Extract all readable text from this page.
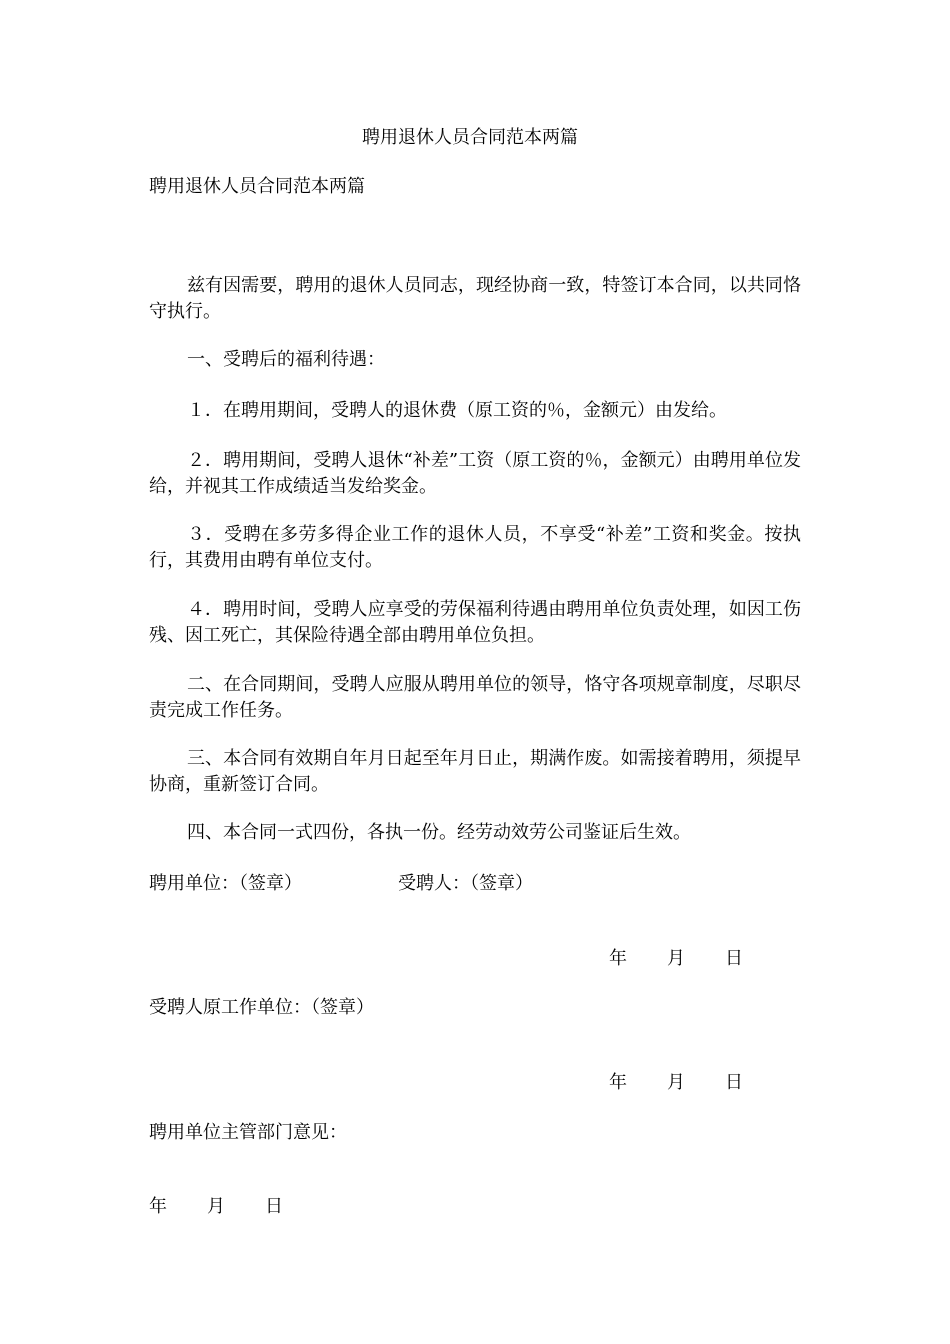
聘用退休人员合同范本两篇
聘用退休人员合同范本两篇
兹有因需要，聘用的退休人员同志，现经协商一致，特签订本合同，以共同恪守执行。
一、受聘后的福利待遇：
１．在聘用期间，受聘人的退休费（原工资的％，金额元）由发给。
２．聘用期间，受聘人退休“补差”工资（原工资的％，金额元）由聘用单位发给，并视其工作成绩适当发给奖金。
３．受聘在多劳多得企业工作的退休人员，不享受“补差”工资和奖金。按执行，其费用由聘有单位支付。
４．聘用时间，受聘人应享受的劳保福利待遇由聘用单位负责处理，如因工伤残、因工死亡，其保险待遇全部由聘用单位负担。
二、在合同期间，受聘人应服从聘用单位的领导，恪守各项规章制度，尽职尽责完成工作任务。
三、本合同有效期自年月日起至年月日止，期满作废。如需接着聘用，须提早协商，重新签订合同。
四、本合同一式四份，各执一份。经劳动效劳公司鉴证后生效。
聘用单位：（签章）	受聘人：（签章）
年 月 日
受聘人原工作单位：（签章）
年 月 日
聘用单位主管部门意见：
年 月 日
